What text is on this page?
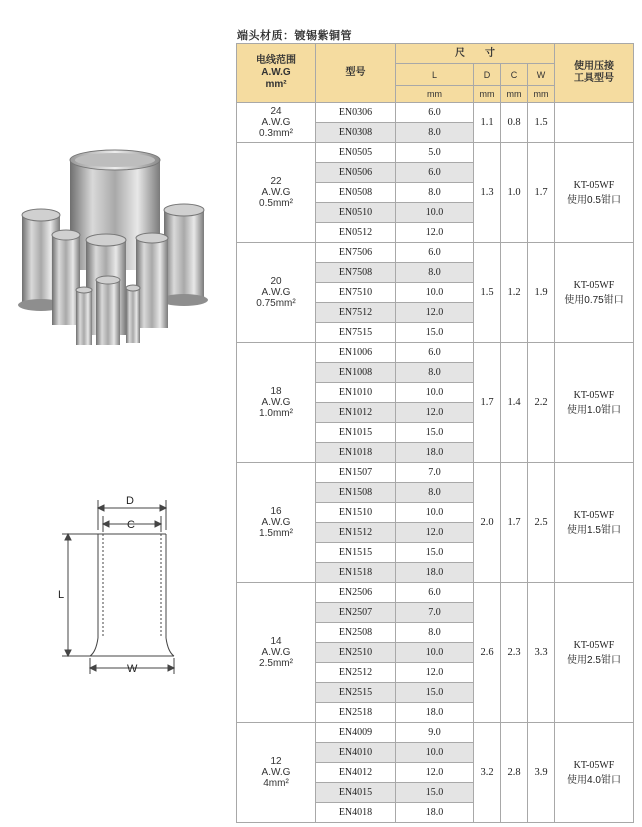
端头材质：镀锡紫铜管
D
C
L
W
电线范围
A.W.G
mm²	型号	尺　　寸				使用压接
工具型号
		L	D	C	W	
		mm	mm	mm	mm	
24
A.W.G
0.3mm²	EN0306	6.0	1.1	0.8	1.5	

	EN0308	8.0				
22
A.W.G
0.5mm²	EN0505	5.0	1.3	1.0	1.7	KT-05WF
使用0.5钳口
	EN0506	6.0				
	EN0508	8.0				
	EN0510	10.0				
	EN0512	12.0				
20
A.W.G
0.75mm²	EN7506	6.0	1.5	1.2	1.9	KT-05WF
使用0.75钳口
	EN7508	8.0				
	EN7510	10.0				
	EN7512	12.0				
	EN7515	15.0				
18
A.W.G
1.0mm²	EN1006	6.0	1.7	1.4	2.2	KT-05WF
使用1.0钳口
	EN1008	8.0				
	EN1010	10.0				
	EN1012	12.0				
	EN1015	15.0				
	EN1018	18.0				
16
A.W.G
1.5mm²	EN1507	7.0	2.0	1.7	2.5	KT-05WF
使用1.5钳口
	EN1508	8.0				
	EN1510	10.0				
	EN1512	12.0				
	EN1515	15.0				
	EN1518	18.0				
14
A.W.G
2.5mm²	EN2506	6.0	2.6	2.3	3.3	KT-05WF
使用2.5钳口
	EN2507	7.0				
	EN2508	8.0				
	EN2510	10.0				
	EN2512	12.0				
	EN2515	15.0				
	EN2518	18.0				
12
A.W.G
4mm²	EN4009	9.0	3.2	2.8	3.9	KT-05WF
使用4.0钳口
	EN4010	10.0				
	EN4012	12.0				
	EN4015	15.0				
	EN4018	18.0				
